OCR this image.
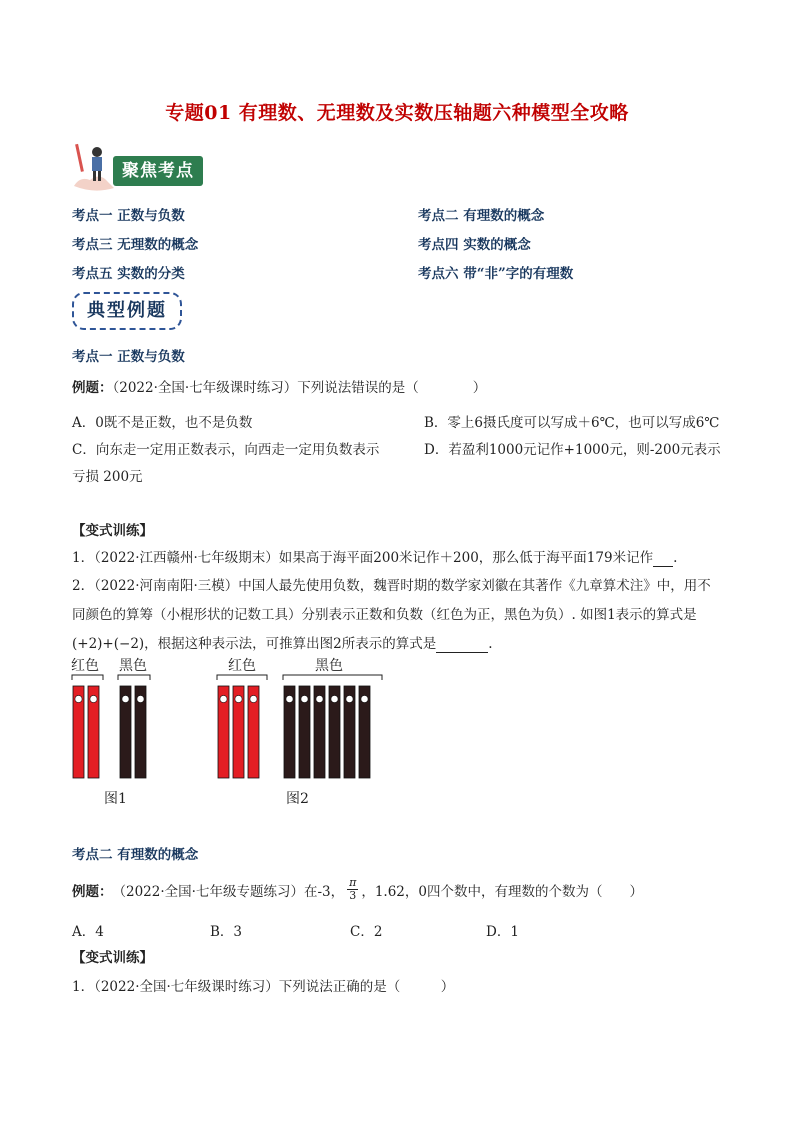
专题01 有理数、无理数及实数压轴题六种模型全攻略
聚焦考点
考点一 正数与负数	考点二 有理数的概念
考点三 无理数的概念	考点四 实数的概念
考点五 实数的分类	考点六 带“非”字的有理数
典型例题
考点一 正数与负数
例题：（2022·全国·七年级课时练习）下列说法错误的是（　　　　）
A．0既不是正数，也不是负数	B．零上6摄氏度可以写成＋6℃，也可以写成6℃
C．向东走一定用正数表示，向西走一定用负数表示	D．若盈利1000元记作+1000元，则-200元表示
亏损 200元
【变式训练】
1．（2022·江西赣州·七年级期末）如果高于海平面200米记作＋200，那么低于海平面179米记作 .
2．（2022·河南南阳·三模）中国人最先使用负数，魏晋时期的数学家刘徽在其著作《九章算术注》中，用不
同颜色的算筹（小棍形状的记数工具）分别表示正数和负数（红色为正，黑色为负）. 如图1表示的算式是
(+2)+(−2)，根据这种表示法，可推算出图2所表示的算式是	.
红色 黑色	红色	黑色
图1	图2
考点二 有理数的概念
例题： （2022·全国·七年级专题练习）在-3， $\frac{\pi}{3}$ ，1.62，0四个数中，有理数的个数为（　　）
A．4	B．3	C．2	D．1
【变式训练】
1．（2022·全国·七年级课时练习）下列说法正确的是（　　　）
